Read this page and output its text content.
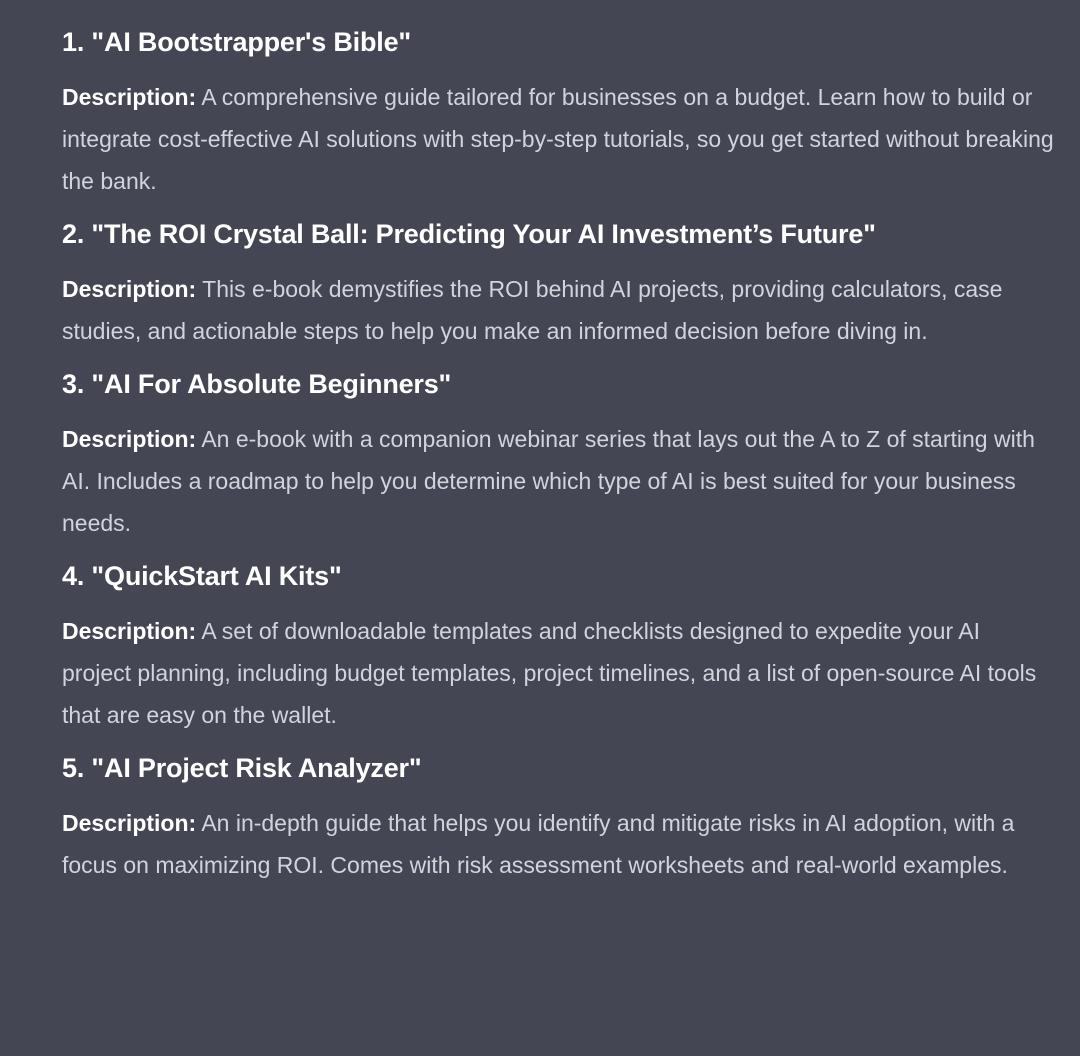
1. "AI Bootstrapper's Bible"

Description: A comprehensive guide tailored for businesses on a budget. Learn how to build or integrate cost-effective AI solutions with step-by-step tutorials, so you get started without breaking the bank.

2. "The ROI Crystal Ball: Predicting Your AI Investment’s Future"

Description: This e-book demystifies the ROI behind AI projects, providing calculators, case studies, and actionable steps to help you make an informed decision before diving in.

3. "AI For Absolute Beginners"

Description: An e-book with a companion webinar series that lays out the A to Z of starting with AI. Includes a roadmap to help you determine which type of AI is best suited for your business needs.

4. "QuickStart AI Kits"

Description: A set of downloadable templates and checklists designed to expedite your AI project planning, including budget templates, project timelines, and a list of open-source AI tools that are easy on the wallet.

5. "AI Project Risk Analyzer"

Description: An in-depth guide that helps you identify and mitigate risks in AI adoption, with a focus on maximizing ROI. Comes with risk assessment worksheets and real-world examples.
